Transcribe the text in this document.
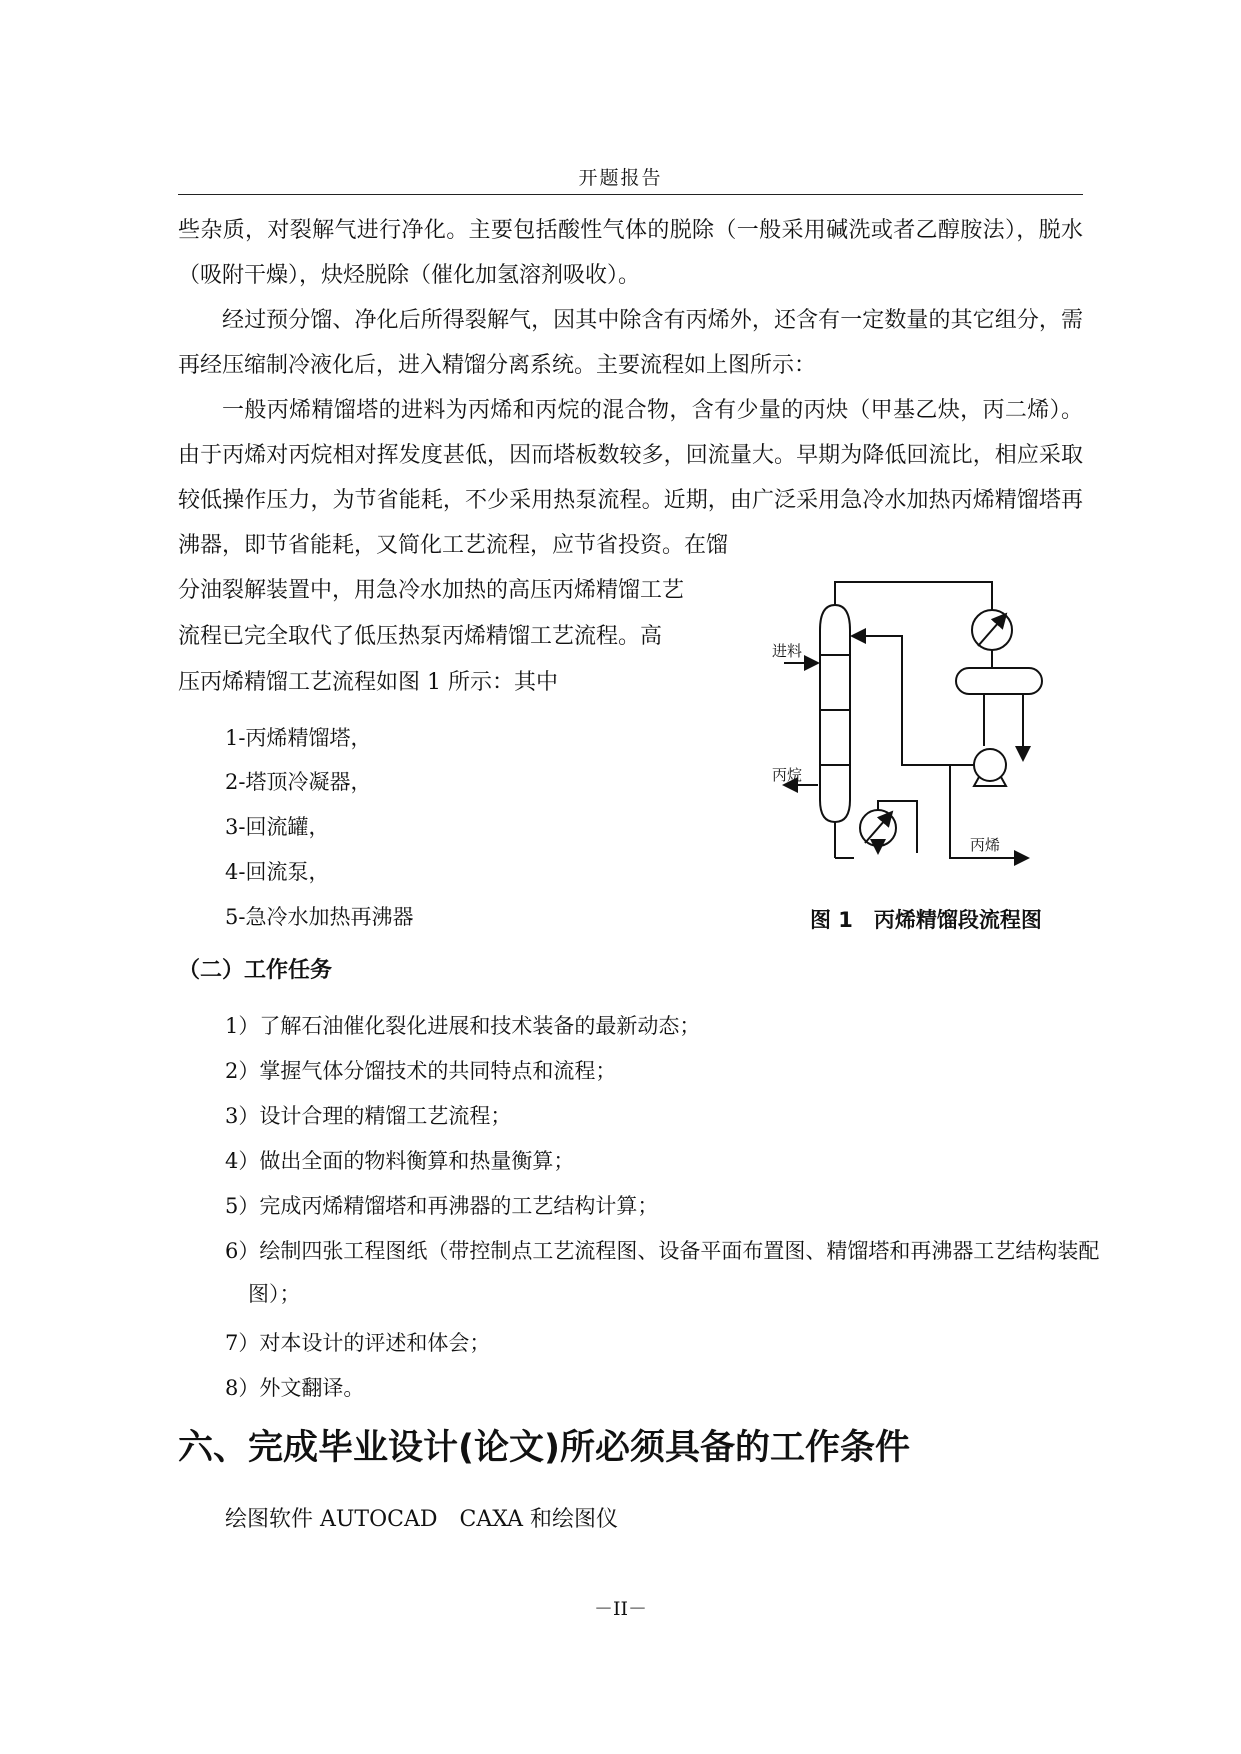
开题报告
些杂质，对裂解气进行净化。主要包括酸性气体的脱除（一般采用碱洗或者乙醇胺法），脱水（吸附干燥），炔烃脱除（催化加氢溶剂吸收）。
经过预分馏、净化后所得裂解气，因其中除含有丙烯外，还含有一定数量的其它组分，需再经压缩制冷液化后，进入精馏分离系统。主要流程如上图所示：
一般丙烯精馏塔的进料为丙烯和丙烷的混合物，含有少量的丙炔（甲基乙炔，丙二烯）。由于丙烯对丙烷相对挥发度甚低，因而塔板数较多，回流量大。早期为降低回流比，相应采取较低操作压力，为节省能耗，不少采用热泵流程。近期，由广泛采用急冷水加热丙烯精馏塔再沸器，即节省能耗，又简化工艺流程，应节省投资。在馏
分油裂解装置中，用急冷水加热的高压丙烯精馏工艺
流程已完全取代了低压热泵丙烯精馏工艺流程。高
压丙烯精馏工艺流程如图 1 所示：其中
1-丙烯精馏塔，
2-塔顶冷凝器，
3-回流罐，
4-回流泵，
5-急冷水加热再沸器
进料
丙烷
丙烯
图 1　丙烯精馏段流程图
（二）工作任务
1）了解石油催化裂化进展和技术装备的最新动态；
2）掌握气体分馏技术的共同特点和流程；
3）设计合理的精馏工艺流程；
4）做出全面的物料衡算和热量衡算；
5）完成丙烯精馏塔和再沸器的工艺结构计算；
6）绘制四张工程图纸（带控制点工艺流程图、设备平面布置图、精馏塔和再沸器工艺结构装配图）；
7）对本设计的评述和体会；
8）外文翻译。
六、完成毕业设计(论文)所必须具备的工作条件
绘图软件 AUTOCAD　CAXA 和绘图仪
－II－
